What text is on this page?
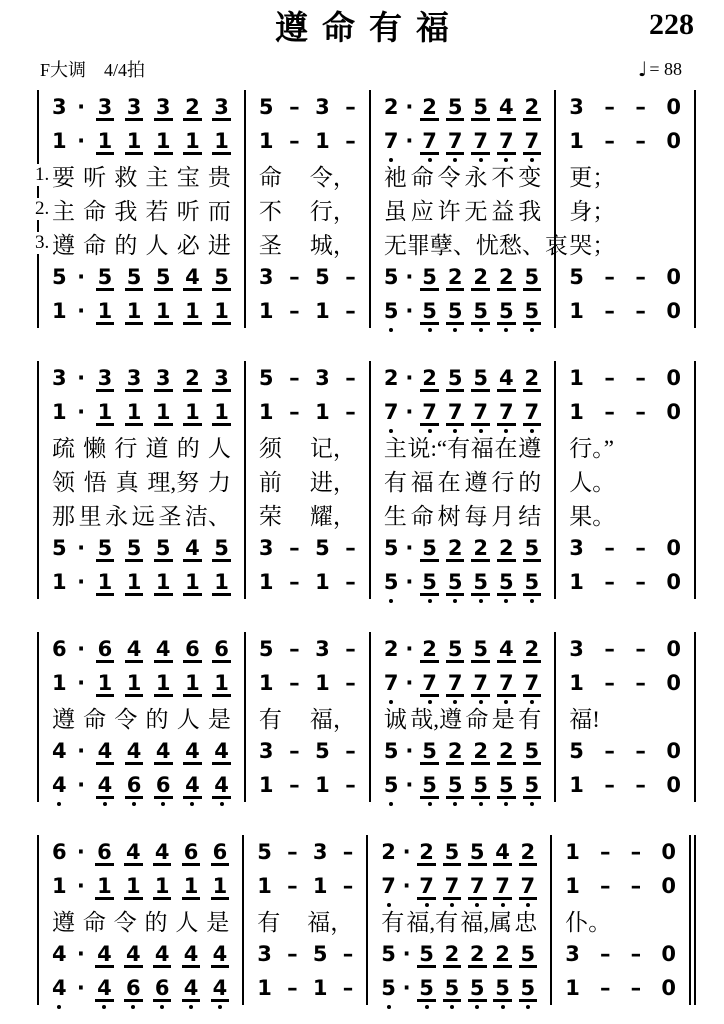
遵命有福	228
F大调 4/4拍	♩ = 88
3 · 3 3 3 2 3 5 – 3 – 2 · 2 5 5 4 2 3 – – 0
1 · 1 1 1 1 1 1 – 1 – 7 · 7 7 7 7 7 1 – – 0
1. 要 听 救 主 宝 贵 命 令， 祂 命 令 永 不 变 更；
2. 主 命 我 若 听 而 不 行， 虽 应 许 无 益 我 身；
3. 遵 命 的 人 必 进 圣 城， 无 罪 孽、 忧 愁、 哀 哭；
5 · 5 5 5 4 5 3 – 5 – 5 · 5 2 2 2 5 5 – – 0
1 · 1 1 1 1 1 1 – 1 – 5 · 5 5 5 5 5 1 – – 0
3 · 3 3 3 2 3 5 – 3 – 2 · 2 5 5 4 2 1 – – 0
1 · 1 1 1 1 1 1 – 1 – 7 · 7 7 7 7 7 1 – – 0
疏 懒 行 道 的 人 须 记， 主 说:“有 福 在 遵 行。”
领 悟 真 理,努 力 前 进， 有 福 在 遵 行 的 人。
那 里 永 远 圣 洁、 荣 耀， 生 命 树 每 月 结 果。
5 · 5 5 5 4 5 3 – 5 – 5 · 5 2 2 2 5 3 – – 0
1 · 1 1 1 1 1 1 – 1 – 5 · 5 5 5 5 5 1 – – 0
6 · 6 4 4 6 6 5 – 3 – 2 · 2 5 5 4 2 3 – – 0
1 · 1 1 1 1 1 1 – 1 – 7 · 7 7 7 7 7 1 – – 0
遵 命 令 的 人 是 有 福， 诚 哉,遵 命 是 有 福!
4 · 4 4 4 4 4 3 – 5 – 5 · 5 2 2 2 5 5 – – 0
4 · 4 6 6 4 4 1 – 1 – 5 · 5 5 5 5 5 1 – – 0
6 · 6 4 4 6 6 5 – 3 – 2 · 2 5 5 4 2 1 – – 0
1 · 1 1 1 1 1 1 – 1 – 7 · 7 7 7 7 7 1 – – 0
遵 命 令 的 人 是 有 福， 有 福,有 福,属 忠 仆。
4 · 4 4 4 4 4 3 – 5 – 5 · 5 2 2 2 5 3 – – 0
4 · 4 6 6 4 4 1 – 1 – 5 · 5 5 5 5 5 1 – – 0
